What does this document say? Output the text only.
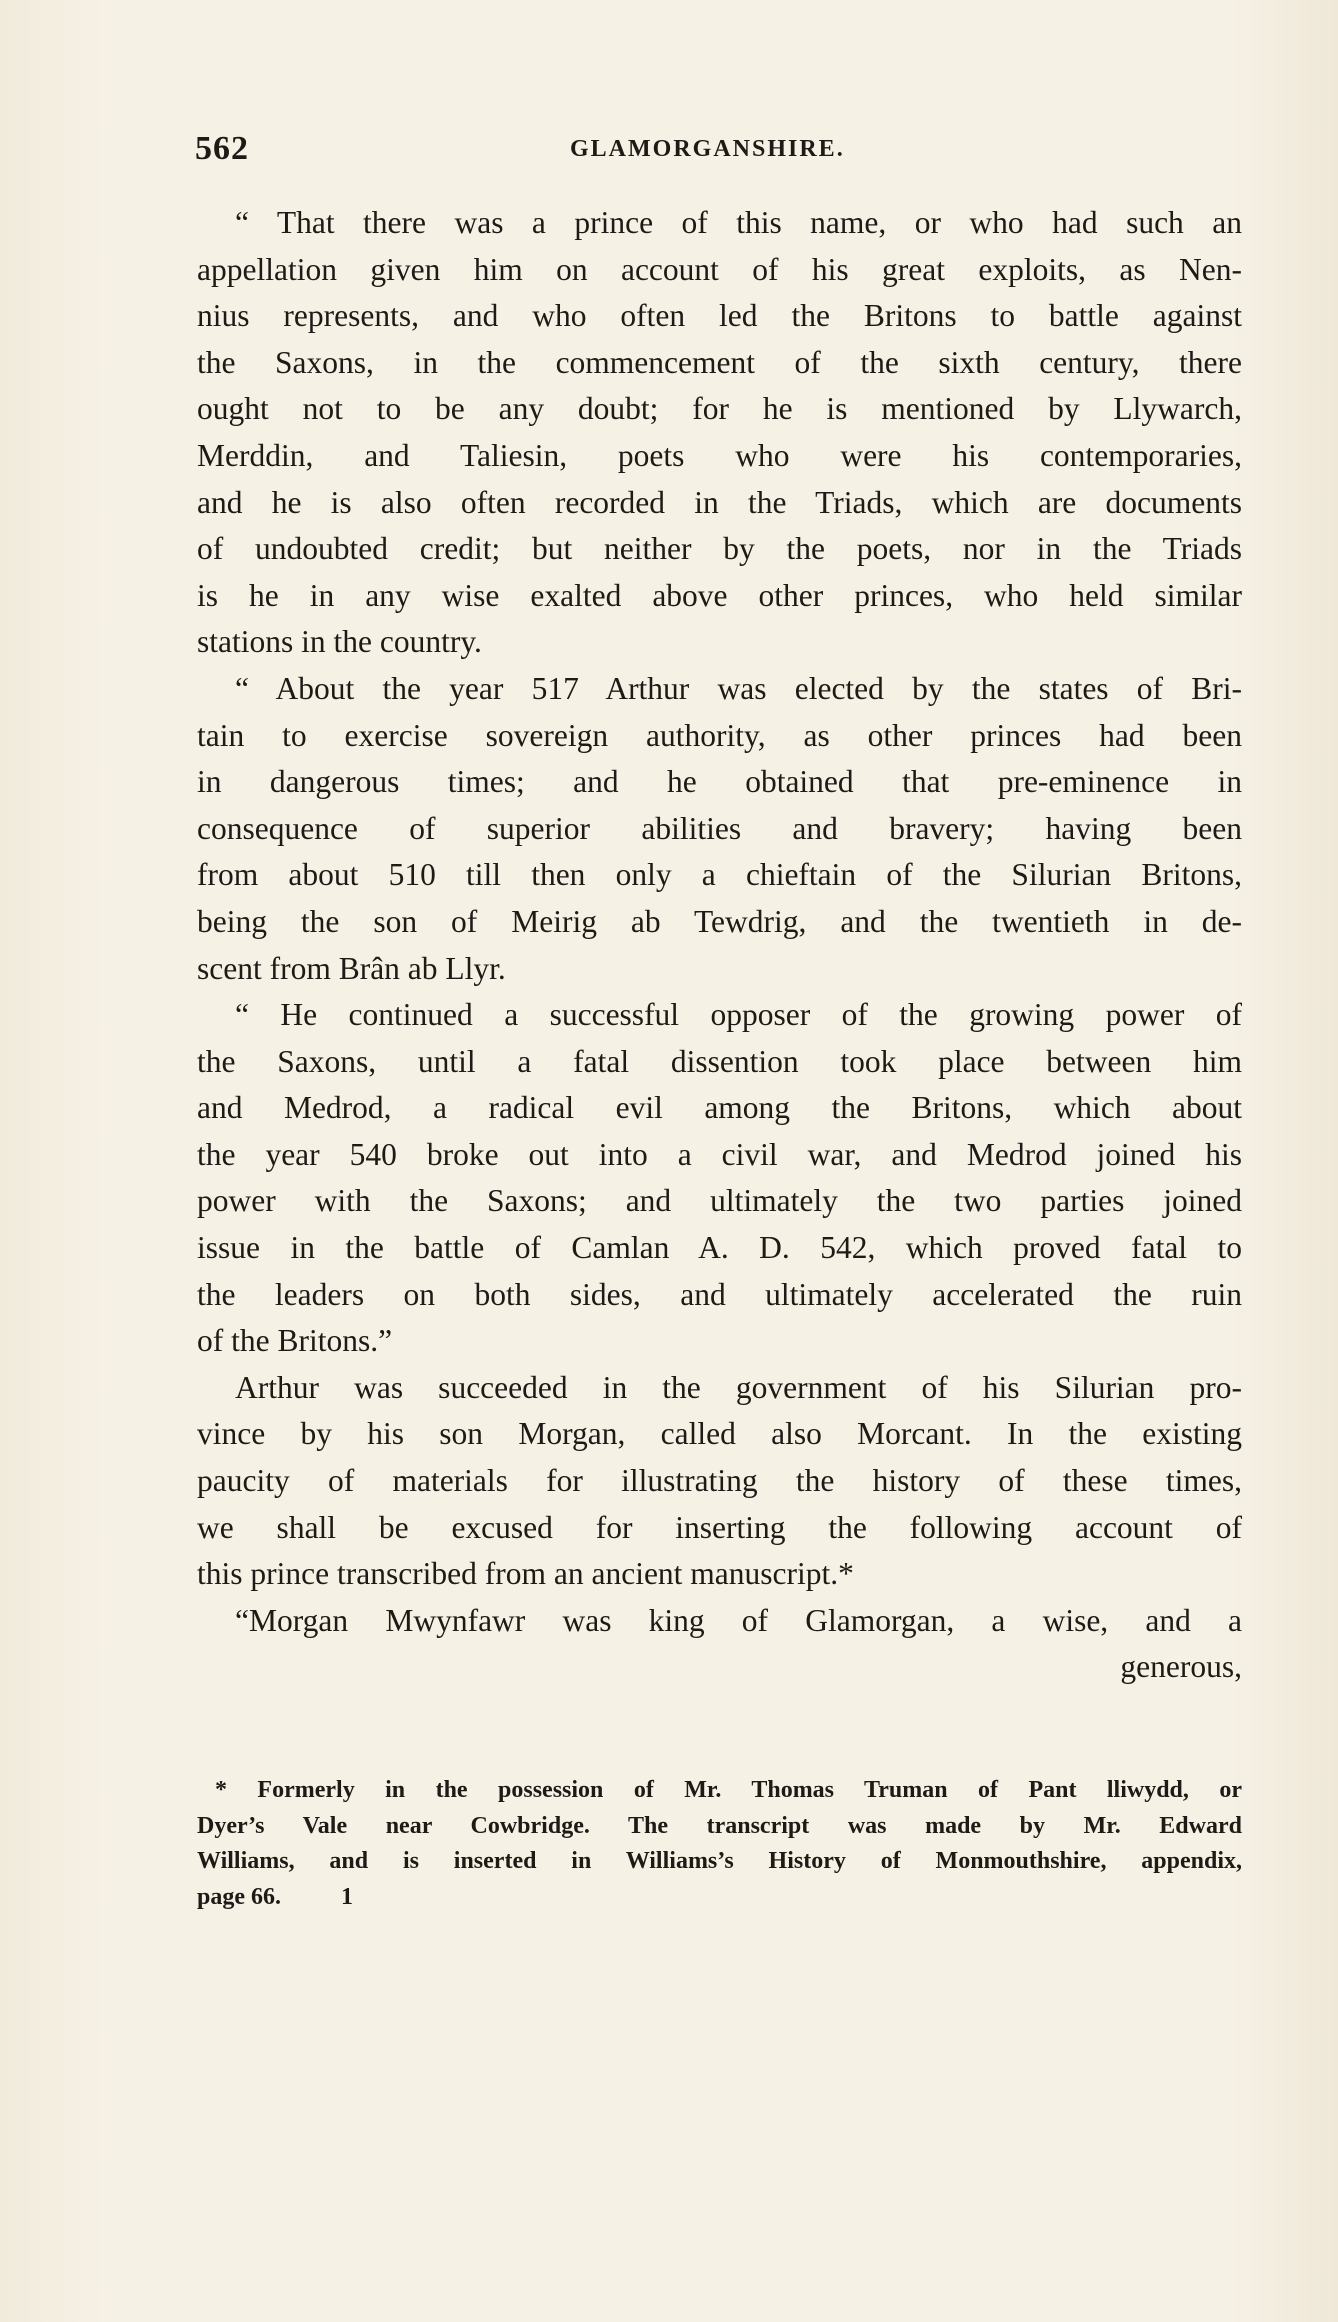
562	GLAMORGANSHIRE.
“ That there was a prince of this name, or who had such an
appellation given him on account of his great exploits, as Nen-
nius represents, and who often led the Britons to battle against
the Saxons, in the commencement of the sixth century, there
ought not to be any doubt; for he is mentioned by Llywarch,
Merddin, and Taliesin, poets who were his contemporaries,
and he is also often recorded in the Triads, which are documents
of undoubted credit; but neither by the poets, nor in the Triads
is he in any wise exalted above other princes, who held similar
stations in the country.
“ About the year 517 Arthur was elected by the states of Bri-
tain to exercise sovereign authority, as other princes had been
in dangerous times; and he obtained that pre-eminence in
consequence of superior abilities and bravery; having been
from about 510 till then only a chieftain of the Silurian Britons,
being the son of Meirig ab Tewdrig, and the twentieth in de-
scent from Brân ab Llyr.
“ He continued a successful opposer of the growing power of
the Saxons, until a fatal dissention took place between him
and Medrod, a radical evil among the Britons, which about
the year 540 broke out into a civil war, and Medrod joined his
power with the Saxons; and ultimately the two parties joined
issue in the battle of Camlan A. D. 542, which proved fatal to
the leaders on both sides, and ultimately accelerated the ruin
of the Britons.”
Arthur was succeeded in the government of his Silurian pro-
vince by his son Morgan, called also Morcant. In the existing
paucity of materials for illustrating the history of these times,
we shall be excused for inserting the following account of
this prince transcribed from an ancient manuscript.*
“Morgan Mwynfawr was king of Glamorgan, a wise, and a
generous,
* Formerly in the possession of Mr. Thomas Truman of Pant lliwydd, or
Dyer’s Vale near Cowbridge. The transcript was made by Mr. Edward
Williams, and is inserted in Williams’s History of Monmouthshire, appendix,
page 66.          1
